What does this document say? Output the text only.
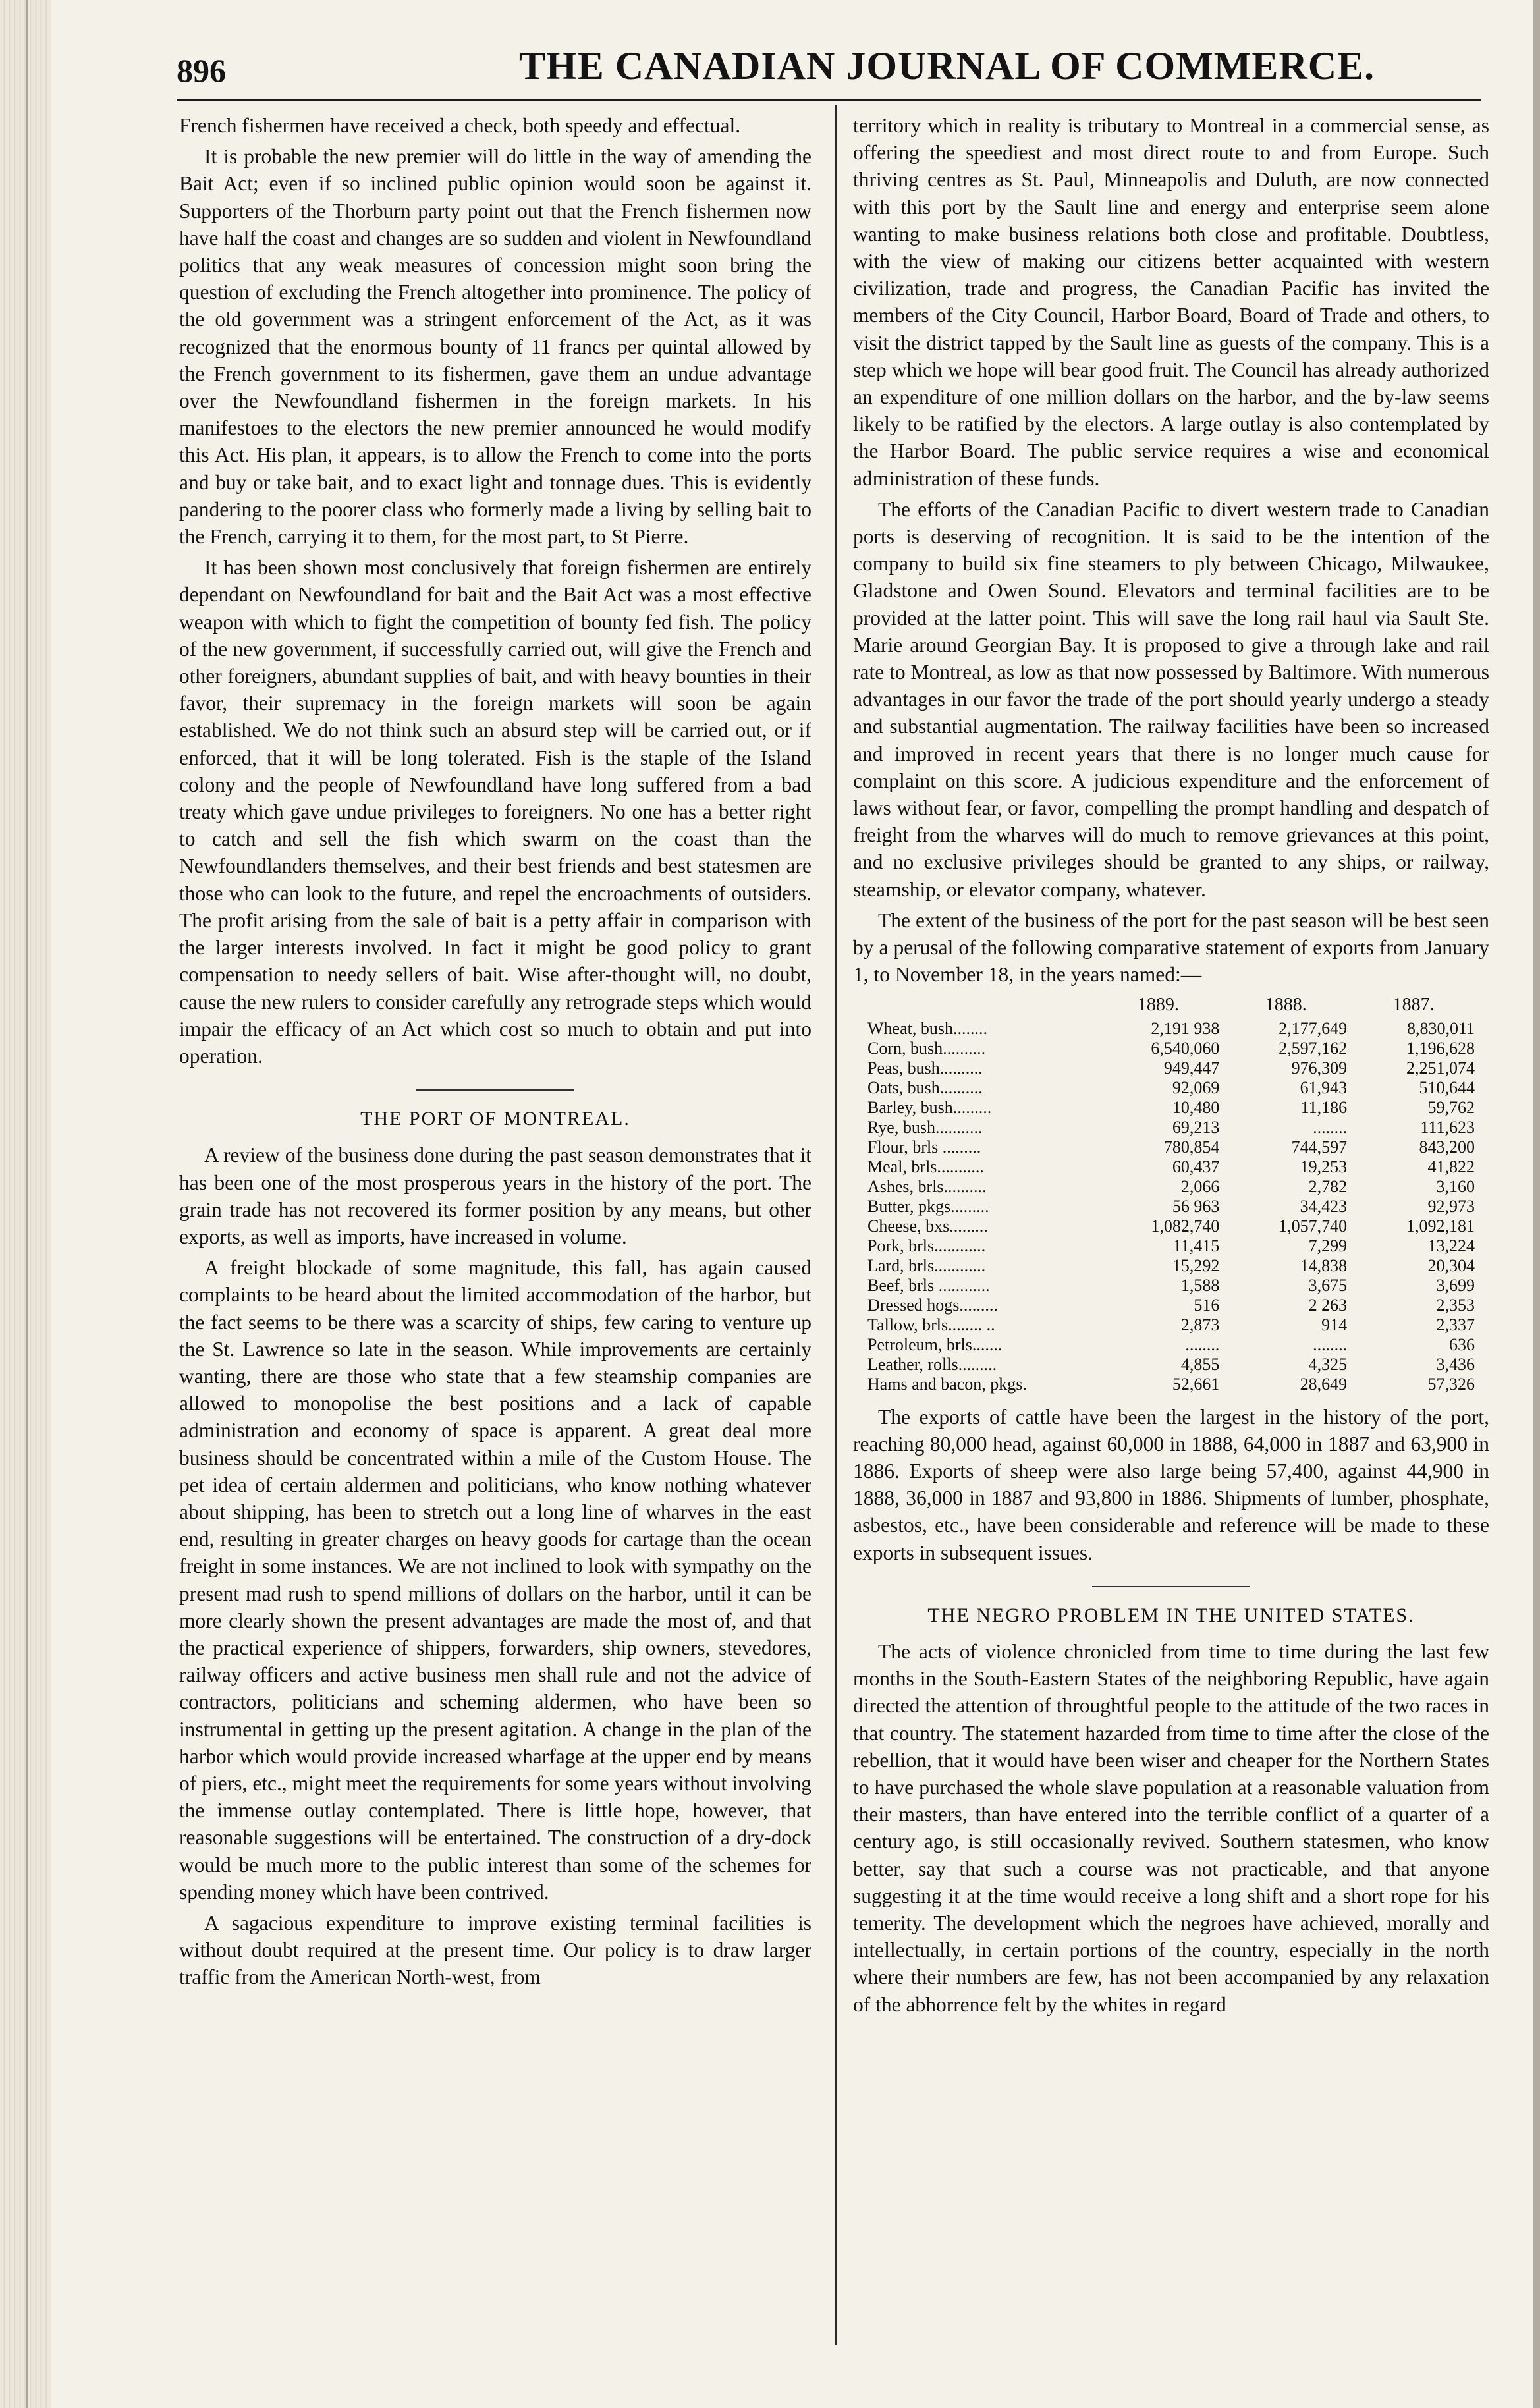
896	THE CANADIAN JOURNAL OF COMMERCE.

French fishermen have received a check, both speedy and effectual.

It is probable the new premier will do little in the way of amending the Bait Act; even if so inclined public opinion would soon be against it. Supporters of the Thorburn party point out that the French fishermen now have half the coast and changes are so sudden and violent in Newfoundland politics that any weak measures of concession might soon bring the question of excluding the French altogether into prominence. The policy of the old government was a stringent enforcement of the Act, as it was recognized that the enormous bounty of 11 francs per quintal allowed by the French government to its fishermen, gave them an undue advantage over the Newfoundland fishermen in the foreign markets. In his manifestoes to the electors the new premier announced he would modify this Act. His plan, it appears, is to allow the French to come into the ports and buy or take bait, and to exact light and tonnage dues. This is evidently pandering to the poorer class who formerly made a living by selling bait to the French, carrying it to them, for the most part, to St Pierre.

It has been shown most conclusively that foreign fishermen are entirely dependant on Newfoundland for bait and the Bait Act was a most effective weapon with which to fight the competition of bounty fed fish. The policy of the new government, if successfully carried out, will give the French and other foreigners, abundant supplies of bait, and with heavy bounties in their favor, their supremacy in the foreign markets will soon be again established. We do not think such an absurd step will be carried out, or if enforced, that it will be long tolerated. Fish is the staple of the Island colony and the people of Newfoundland have long suffered from a bad treaty which gave undue privileges to foreigners. No one has a better right to catch and sell the fish which swarm on the coast than the Newfoundlanders themselves, and their best friends and best statesmen are those who can look to the future, and repel the encroachments of outsiders. The profit arising from the sale of bait is a petty affair in comparison with the larger interests involved. In fact it might be good policy to grant compensation to needy sellers of bait. Wise after-thought will, no doubt, cause the new rulers to consider carefully any retrograde steps which would impair the efficacy of an Act which cost so much to obtain and put into operation.

THE PORT OF MONTREAL.

A review of the business done during the past season demonstrates that it has been one of the most prosperous years in the history of the port. The grain trade has not recovered its former position by any means, but other exports, as well as imports, have increased in volume.

A freight blockade of some magnitude, this fall, has again caused complaints to be heard about the limited accommodation of the harbor, but the fact seems to be there was a scarcity of ships, few caring to venture up the St. Lawrence so late in the season. While improvements are certainly wanting, there are those who state that a few steamship companies are allowed to monopolise the best positions and a lack of capable administration and economy of space is apparent. A great deal more business should be concentrated within a mile of the Custom House. The pet idea of certain aldermen and politicians, who know nothing whatever about shipping, has been to stretch out a long line of wharves in the east end, resulting in greater charges on heavy goods for cartage than the ocean freight in some instances. We are not inclined to look with sympathy on the present mad rush to spend millions of dollars on the harbor, until it can be more clearly shown the present advantages are made the most of, and that the practical experience of shippers, forwarders, ship owners, stevedores, railway officers and active business men shall rule and not the advice of contractors, politicians and scheming aldermen, who have been so instrumental in getting up the present agitation. A change in the plan of the harbor which would provide increased wharfage at the upper end by means of piers, etc., might meet the requirements for some years without involving the immense outlay contemplated. There is little hope, however, that reasonable suggestions will be entertained. The construction of a dry-dock would be much more to the public interest than some of the schemes for spending money which have been contrived.

A sagacious expenditure to improve existing terminal facilities is without doubt required at the present time. Our policy is to draw larger traffic from the American North-west, from

territory which in reality is tributary to Montreal in a commercial sense, as offering the speediest and most direct route to and from Europe. Such thriving centres as St. Paul, Minneapolis and Duluth, are now connected with this port by the Sault line and energy and enterprise seem alone wanting to make business relations both close and profitable. Doubtless, with the view of making our citizens better acquainted with western civilization, trade and progress, the Canadian Pacific has invited the members of the City Council, Harbor Board, Board of Trade and others, to visit the district tapped by the Sault line as guests of the company. This is a step which we hope will bear good fruit. The Council has already authorized an expenditure of one million dollars on the harbor, and the by-law seems likely to be ratified by the electors. A large outlay is also contemplated by the Harbor Board. The public service requires a wise and economical administration of these funds.

The efforts of the Canadian Pacific to divert western trade to Canadian ports is deserving of recognition. It is said to be the intention of the company to build six fine steamers to ply between Chicago, Milwaukee, Gladstone and Owen Sound. Elevators and terminal facilities are to be provided at the latter point. This will save the long rail haul via Sault Ste. Marie around Georgian Bay. It is proposed to give a through lake and rail rate to Montreal, as low as that now possessed by Baltimore. With numerous advantages in our favor the trade of the port should yearly undergo a steady and substantial augmentation. The railway facilities have been so increased and improved in recent years that there is no longer much cause for complaint on this score. A judicious expenditure and the enforcement of laws without fear, or favor, compelling the prompt handling and despatch of freight from the wharves will do much to remove grievances at this point, and no exclusive privileges should be granted to any ships, or railway, steamship, or elevator company, whatever.

The extent of the business of the port for the past season will be best seen by a perusal of the following comparative statement of exports from January 1, to November 18, in the years named:—

	1889.	1888.	1887.
Wheat, bush........	2,191 938	2,177,649	8,830,011
Corn, bush..........	6,540,060	2,597,162	1,196,628
Peas, bush..........	949,447	976,309	2,251,074
Oats, bush..........	92,069	61,943	510,644
Barley, bush.........	10,480	11,186	59,762
Rye, bush...........	69,213	........	111,623
Flour, brls .........	780,854	744,597	843,200
Meal, brls...........	60,437	19,253	41,822
Ashes, brls..........	2,066	2,782	3,160
Butter, pkgs.........	56 963	34,423	92,973
Cheese, bxs.........	1,082,740	1,057,740	1,092,181
Pork, brls............	11,415	7,299	13,224
Lard, brls............	15,292	14,838	20,304
Beef, brls ............	1,588	3,675	3,699
Dressed hogs.........	516	2 263	2,353
Tallow, brls........ ..	2,873	914	2,337
Petroleum, brls.......	........	........	636
Leather, rolls.........	4,855	4,325	3,436
Hams and bacon, pkgs.	52,661	28,649	57,326

The exports of cattle have been the largest in the history of the port, reaching 80,000 head, against 60,000 in 1888, 64,000 in 1887 and 63,900 in 1886. Exports of sheep were also large being 57,400, against 44,900 in 1888, 36,000 in 1887 and 93,800 in 1886. Shipments of lumber, phosphate, asbestos, etc., have been considerable and reference will be made to these exports in subsequent issues.

THE NEGRO PROBLEM IN THE UNITED STATES.

The acts of violence chronicled from time to time during the last few months in the South-Eastern States of the neighboring Republic, have again directed the attention of throughtful people to the attitude of the two races in that country. The statement hazarded from time to time after the close of the rebellion, that it would have been wiser and cheaper for the Northern States to have purchased the whole slave population at a reasonable valuation from their masters, than have entered into the terrible conflict of a quarter of a century ago, is still occasionally revived. Southern statesmen, who know better, say that such a course was not practicable, and that anyone suggesting it at the time would receive a long shift and a short rope for his temerity. The development which the negroes have achieved, morally and intellectually, in certain portions of the country, especially in the north where their numbers are few, has not been accompanied by any relaxation of the abhorrence felt by the whites in regard
